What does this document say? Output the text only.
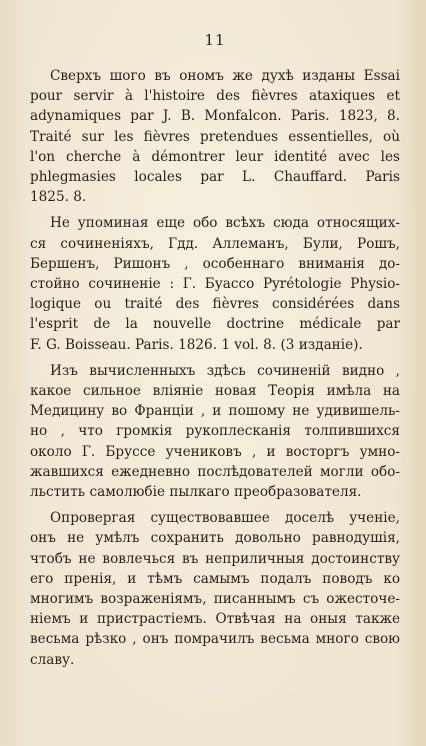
11
Сверхъ шого въ ономъ же духѣ изданы Essai
pour servir à l'histoire des fièvres ataxiques et
adynamiques par J. B. Monfalcon. Paris. 1823, 8.
Traité sur les fièvres pretendues essentielles, où
l'on cherche à démontrer leur identité avec les
phlegmasies locales par L. Chauffard. Paris
1825. 8.
Не упоминая еще обо всѣхъ сюда относящих-
ся сочиненіяхъ, Гдд. Аллеманъ, Були, Рошъ,
Бершенъ, Ришонъ , особеннаго вниманія до-
стойно сочиненіе : Г. Буассо Pyrétologie Physio-
logique ou traité des fièvres considérées dans
l'esprit de la nouvelle doctrine médicale par
F. G. Boisseau. Paris. 1826. 1 vol. 8. (3 изданіе).
Изъ вычисленныхъ здѣсь сочиненій видно ,
какое сильное вліяніе новая Теорія имѣла на
Медицину во Франціи , и пошому не удивишель-
но , что громкія рукоплесканія толпившихся
около Г. Бруссе учениковъ , и восторгъ умно-
жавшихся ежедневно послѣдователей могли обо-
льстить самолюбіе пылкаго преобразователя.
Опровергая существовавшее доселѣ ученіе,
онъ не умѣлъ сохранить довольно равнодушія,
чтобъ не вовлечься въ неприличныя достоинству
его пренія, и тѣмъ самымъ подалъ поводъ ко
многимъ возраженіямъ, писаннымъ съ ожесточе-
ніемъ и пристрастіемъ. Отвѣчая на оныя также
весьма рѣзко , онъ помрачилъ весьма много свою
славу.
